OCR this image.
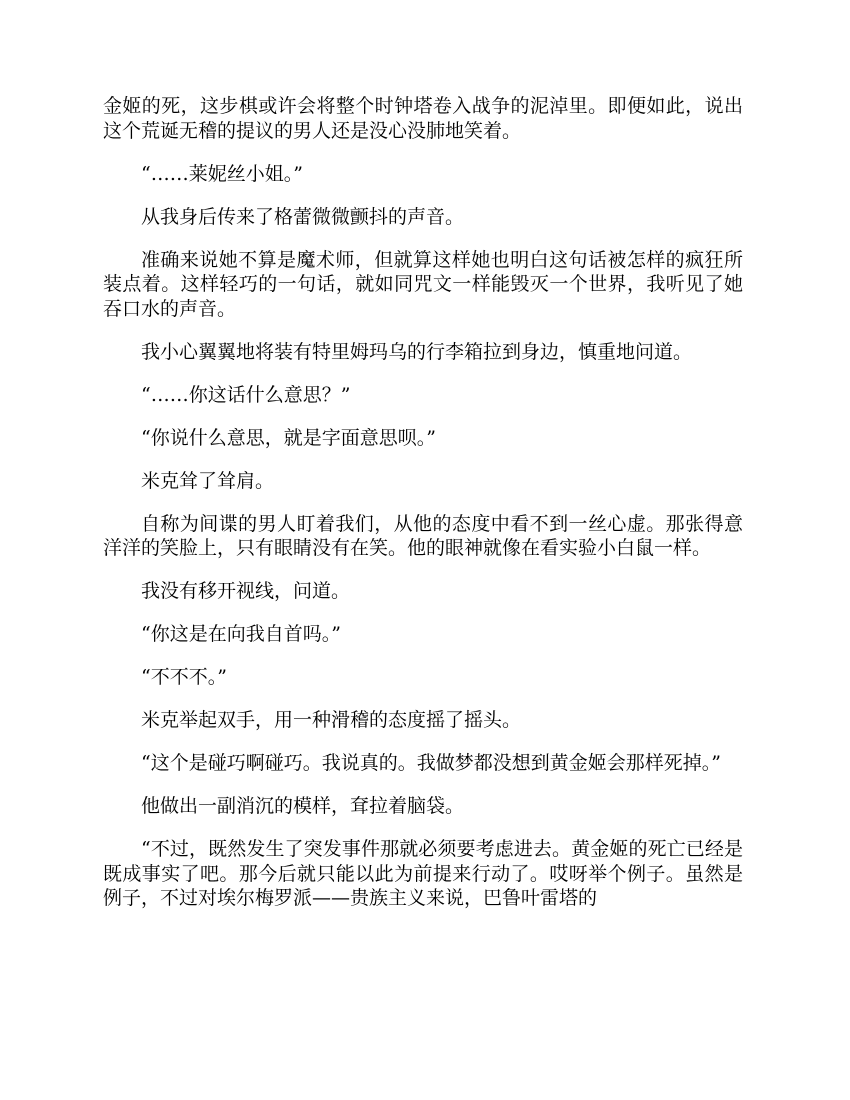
金姬的死，这步棋或许会将整个时钟塔卷入战争的泥淖里。即便如此，说出这个荒诞无稽的提议的男人还是没心没肺地笑着。

“……莱妮丝小姐。”

从我身后传来了格蕾微微颤抖的声音。

准确来说她不算是魔术师，但就算这样她也明白这句话被怎样的疯狂所装点着。这样轻巧的一句话，就如同咒文一样能毁灭一个世界，我听见了她吞口水的声音。

我小心翼翼地将装有特里姆玛乌的行李箱拉到身边，慎重地问道。

“……你这话什么意思？”

“你说什么意思，就是字面意思呗。”

米克耸了耸肩。

自称为间谍的男人盯着我们，从他的态度中看不到一丝心虚。那张得意洋洋的笑脸上，只有眼睛没有在笑。他的眼神就像在看实验小白鼠一样。

我没有移开视线，问道。

“你这是在向我自首吗。”

“不不不。”

米克举起双手，用一种滑稽的态度摇了摇头。

“这个是碰巧啊碰巧。我说真的。我做梦都没想到黄金姬会那样死掉。”

他做出一副消沉的模样，耷拉着脑袋。

“不过，既然发生了突发事件那就必须要考虑进去。黄金姬的死亡已经是既成事实了吧。那今后就只能以此为前提来行动了。哎呀举个例子。虽然是例子，不过对埃尔梅罗派——贵族主义来说，巴鲁叶雷塔的
